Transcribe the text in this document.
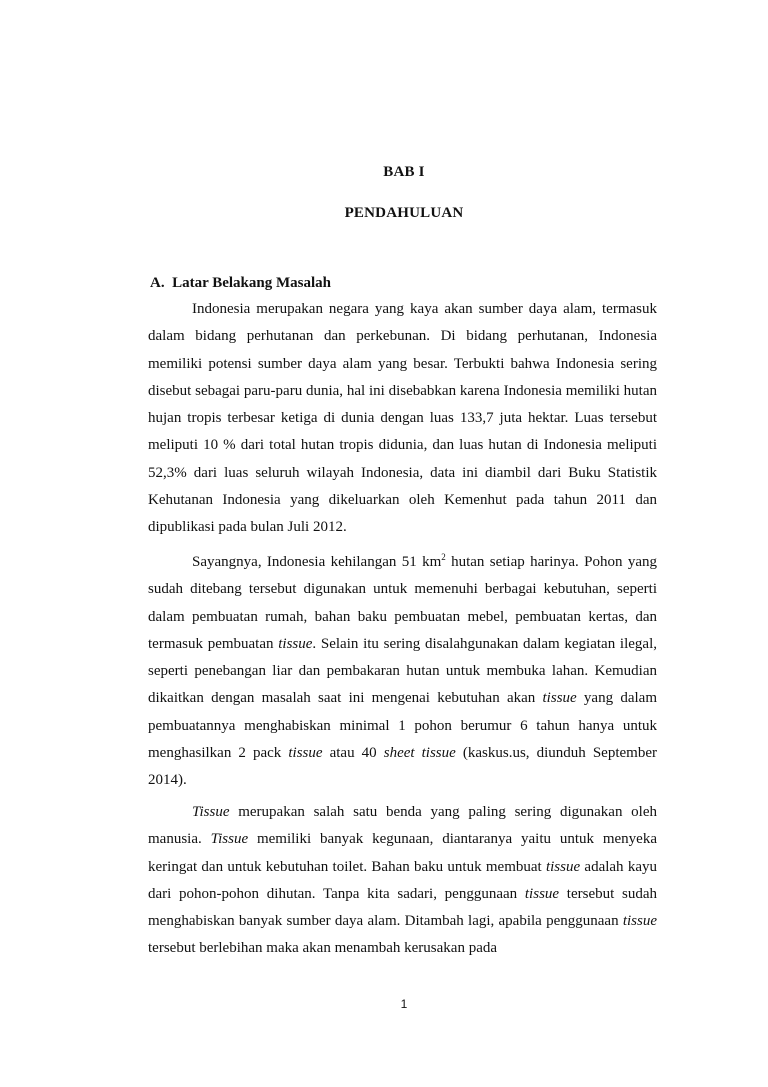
BAB I
PENDAHULUAN
A.  Latar Belakang Masalah

Indonesia merupakan negara yang kaya akan sumber daya alam, termasuk dalam bidang perhutanan dan perkebunan. Di bidang perhutanan, Indonesia memiliki potensi sumber daya alam yang besar. Terbukti bahwa Indonesia sering disebut sebagai paru-paru dunia, hal ini disebabkan karena Indonesia memiliki hutan hujan tropis terbesar ketiga di dunia dengan luas 133,7 juta hektar. Luas tersebut meliputi 10 % dari total hutan tropis didunia, dan luas hutan di Indonesia meliputi 52,3% dari luas seluruh wilayah Indonesia, data ini diambil dari Buku Statistik Kehutanan Indonesia yang dikeluarkan oleh Kemenhut pada tahun 2011 dan dipublikasi pada bulan Juli 2012.

Sayangnya, Indonesia kehilangan 51 $km^2$ hutan setiap harinya. Pohon yang sudah ditebang tersebut digunakan untuk memenuhi berbagai kebutuhan, seperti dalam pembuatan rumah, bahan baku pembuatan mebel, pembuatan kertas, dan termasuk pembuatan tissue. Selain itu sering disalahgunakan dalam kegiatan ilegal, seperti penebangan liar dan pembakaran hutan untuk membuka lahan. Kemudian dikaitkan dengan masalah saat ini mengenai kebutuhan akan tissue yang dalam pembuatannya menghabiskan minimal 1 pohon berumur 6 tahun hanya untuk menghasilkan 2 pack tissue atau 40 sheet tissue (kaskus.us, diunduh September 2014).

Tissue merupakan salah satu benda yang paling sering digunakan oleh manusia. Tissue memiliki banyak kegunaan, diantaranya yaitu untuk menyeka keringat dan untuk kebutuhan toilet. Bahan baku untuk membuat tissue adalah kayu dari pohon-pohon dihutan. Tanpa kita sadari, penggunaan tissue tersebut sudah menghabiskan banyak sumber daya alam. Ditambah lagi, apabila penggunaan tissue tersebut berlebihan maka akan menambah kerusakan pada

1
